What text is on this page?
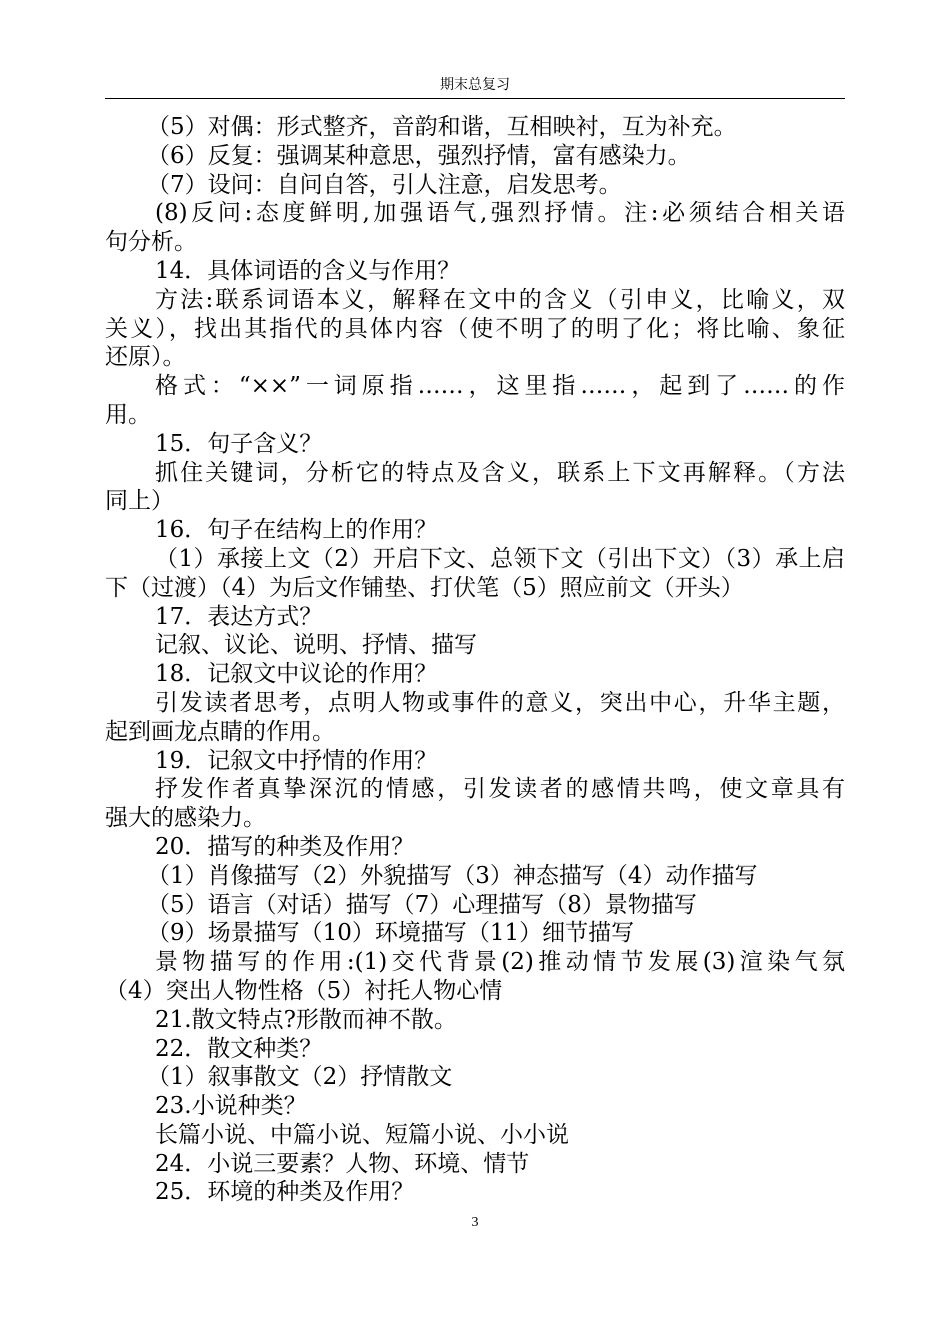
期末总复习
（5）对偶：形式整齐，音韵和谐，互相映衬，互为补充。
（6）反复：强调某种意思，强烈抒情，富有感染力。
（7）设问：自问自答，引人注意，启发思考。
(8)反问:态度鲜明,加强语气,强烈抒情。注:必须结合相关语
句分析。
14．具体词语的含义与作用？
方法:联系词语本义，解释在文中的含义（引申义，比喻义，双
关义），找出其指代的具体内容（使不明了的明了化；将比喻、象征
还原）。
格式：“××”一词原指……，这里指……，起到了……的作
用。
15．句子含义？
抓住关键词，分析它的特点及含义，联系上下文再解释。（方法
同上）
16．句子在结构上的作用？
（1）承接上文（2）开启下文、总领下文（引出下文）（3）承上启
下（过渡）（4）为后文作铺垫、打伏笔（5）照应前文（开头）
17．表达方式？
记叙、议论、说明、抒情、描写
18．记叙文中议论的作用？
引发读者思考，点明人物或事件的意义，突出中心，升华主题，
起到画龙点睛的作用。
19．记叙文中抒情的作用？
抒发作者真挚深沉的情感，引发读者的感情共鸣，使文章具有
强大的感染力。
20．描写的种类及作用？
（1）肖像描写（2）外貌描写（3）神态描写（4）动作描写
（5）语言（对话）描写（7）心理描写（8）景物描写
（9）场景描写（10）环境描写（11）细节描写
景物描写的作用:(1)交代背景(2)推动情节发展(3)渲染气氛
（4）突出人物性格（5）衬托人物心情
21.散文特点?形散而神不散。
22．散文种类？
（1）叙事散文（2）抒情散文
23.小说种类？
长篇小说、中篇小说、短篇小说、小小说
24．小说三要素？人物、环境、情节
25．环境的种类及作用？
3
